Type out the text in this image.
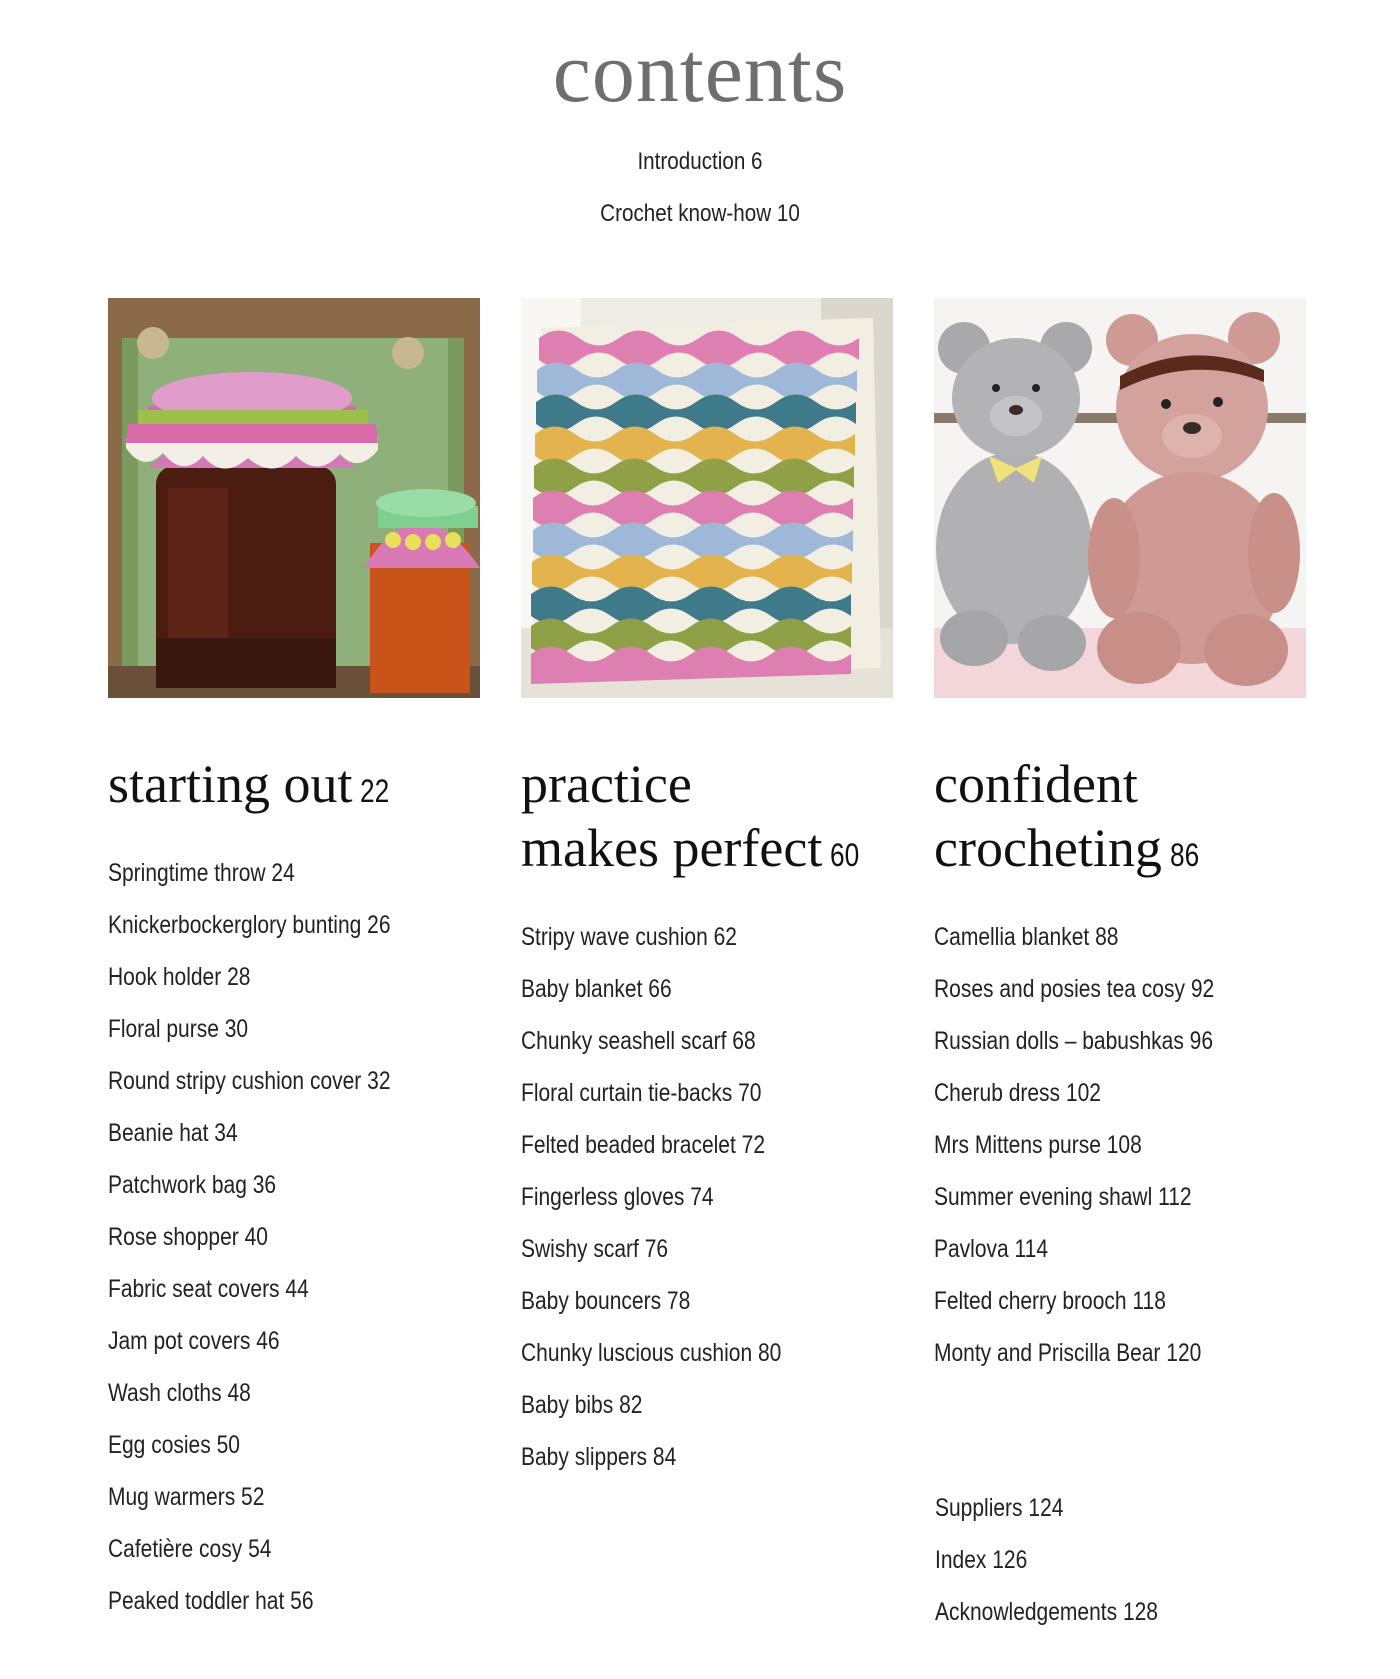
contents
Introduction 6
Crochet know-how 10
starting out 22
Springtime throw 24
Knickerbockerglory bunting 26
Hook holder 28
Floral purse 30
Round stripy cushion cover 32
Beanie hat 34
Patchwork bag 36
Rose shopper 40
Fabric seat covers 44
Jam pot covers 46
Wash cloths 48
Egg cosies 50
Mug warmers 52
Cafetière cosy 54
Peaked toddler hat 56
practice
makes perfect 60
Stripy wave cushion 62
Baby blanket 66
Chunky seashell scarf 68
Floral curtain tie-backs 70
Felted beaded bracelet 72
Fingerless gloves 74
Swishy scarf 76
Baby bouncers 78
Chunky luscious cushion 80
Baby bibs 82
Baby slippers 84
confident
crocheting 86
Camellia blanket 88
Roses and posies tea cosy 92
Russian dolls – babushkas 96
Cherub dress 102
Mrs Mittens purse 108
Summer evening shawl 112
Pavlova 114
Felted cherry brooch 118
Monty and Priscilla Bear 120
Suppliers 124
Index 126
Acknowledgements 128
